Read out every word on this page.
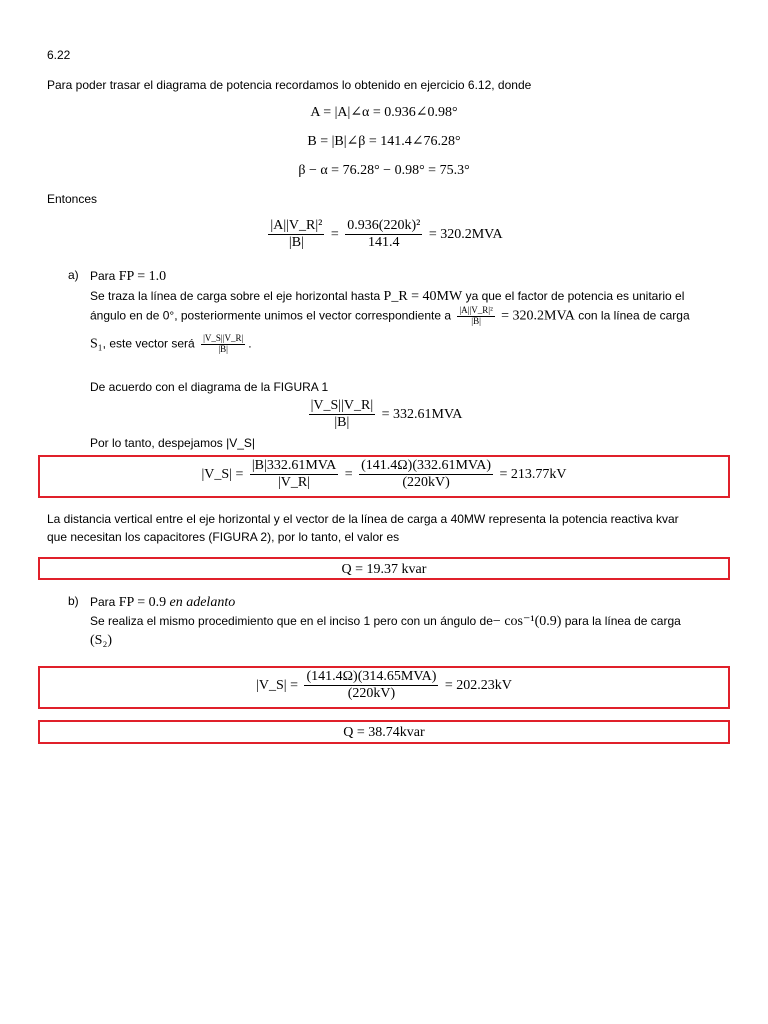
6.22
Para poder trasar el diagrama de potencia recordamos lo obtenido en ejercicio 6.12, donde
A = |A|∠α = 0.936∠0.98°
B = |B|∠β = 141.4∠76.28°
β − α = 76.28° − 0.98° = 75.3°
Entonces
$\frac{\text{|A||V\_R|²}}{|B|} = \frac{\text{0.936(220k)²}}{141.4} = 320.2MVA$
a) Para FP = 1.0
Se traza la línea de carga sobre el eje horizontal hasta P_R = 40MW ya que el factor de potencia es unitario el
ángulo en de 0°, posteriormente unimos el vector correspondiente a $\frac{\text{|A||V\_R|²}}{|B|} = 320.2MVA$ con la línea de carga
S₁, este vector será $\frac{|V\_S||V\_R|}{|B|}$ .
De acuerdo con el diagrama de la FIGURA 1
$\frac{|V\_S||V\_R|}{|B|} = 332.61MVA$
Por lo tanto, despejamos |V_S|
|V_S| = $\frac{\text{|B|332.61MVA}}{|V\_R|} = \frac{\text{(141.4Ω)(332.61MVA)}}{(220kV)} = 213.77kV$
La distancia vertical entre el eje horizontal y el vector de la línea de carga a 40MW representa la potencia reactiva kvar
que necesitan los capacitores (FIGURA 2), por lo tanto, el valor es
Q = 19.37 kvar
b) Para FP = 0.9 en adelanto
Se realiza el mismo procedimiento que en el inciso 1 pero con un ángulo de− cos⁻¹(0.9) para la línea de carga
(S₂)
|V_S| = $\frac{\text{(141.4Ω)(314.65MVA)}}{(220kV)} = 202.23kV$
Q = 38.74kvar
